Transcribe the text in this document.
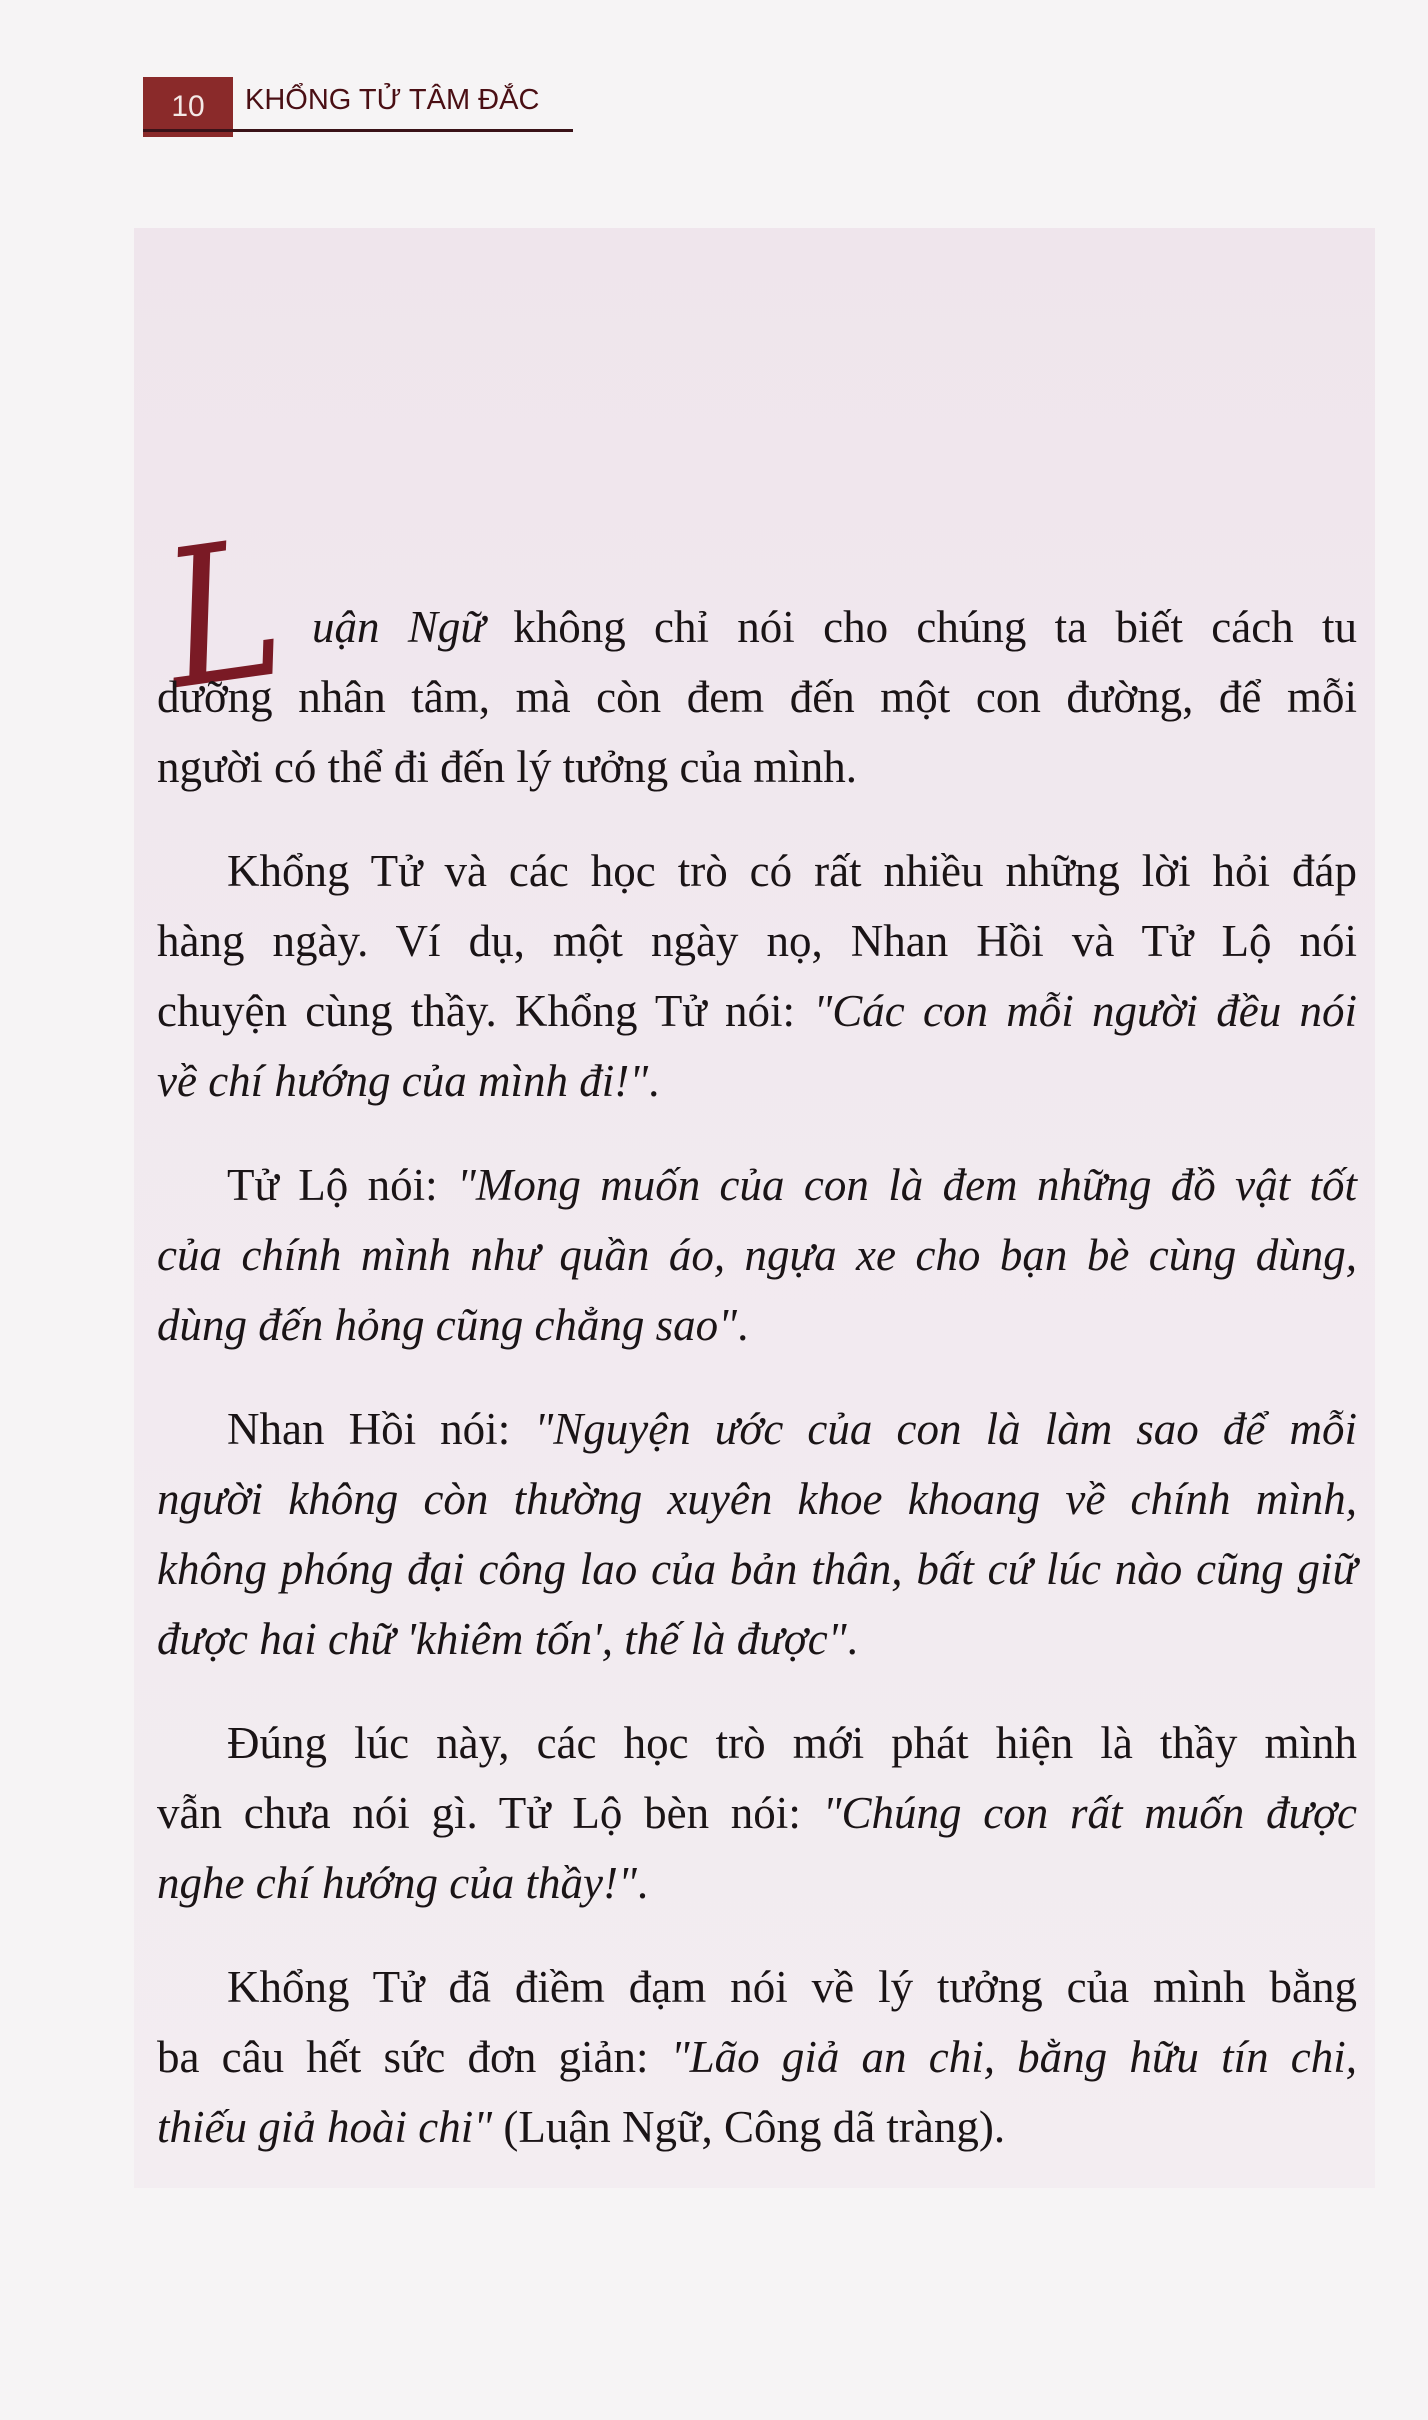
10 KHỔNG TỬ TÂM ĐẮC
L uận Ngữ không chỉ nói cho chúng ta biết cách tu
dưỡng nhân tâm, mà còn đem đến một con đường, để mỗi
người có thể đi đến lý tưởng của mình.
Khổng Tử và các học trò có rất nhiều những lời hỏi đáp
hàng ngày. Ví dụ, một ngày nọ, Nhan Hồi và Tử Lộ nói
chuyện cùng thầy. Khổng Tử nói: "Các con mỗi người đều nói
về chí hướng của mình đi!".
Tử Lộ nói: "Mong muốn của con là đem những đồ vật tốt
của chính mình như quần áo, ngựa xe cho bạn bè cùng dùng,
dùng đến hỏng cũng chẳng sao".
Nhan Hồi nói: "Nguyện ước của con là làm sao để mỗi
người không còn thường xuyên khoe khoang về chính mình,
không phóng đại công lao của bản thân, bất cứ lúc nào cũng giữ
được hai chữ 'khiêm tốn', thế là được".
Đúng lúc này, các học trò mới phát hiện là thầy mình
vẫn chưa nói gì. Tử Lộ bèn nói: "Chúng con rất muốn được
nghe chí hướng của thầy!".
Khổng Tử đã điềm đạm nói về lý tưởng của mình bằng
ba câu hết sức đơn giản: "Lão giả an chi, bằng hữu tín chi,
thiếu giả hoài chi" (Luận Ngữ, Công dã tràng).
